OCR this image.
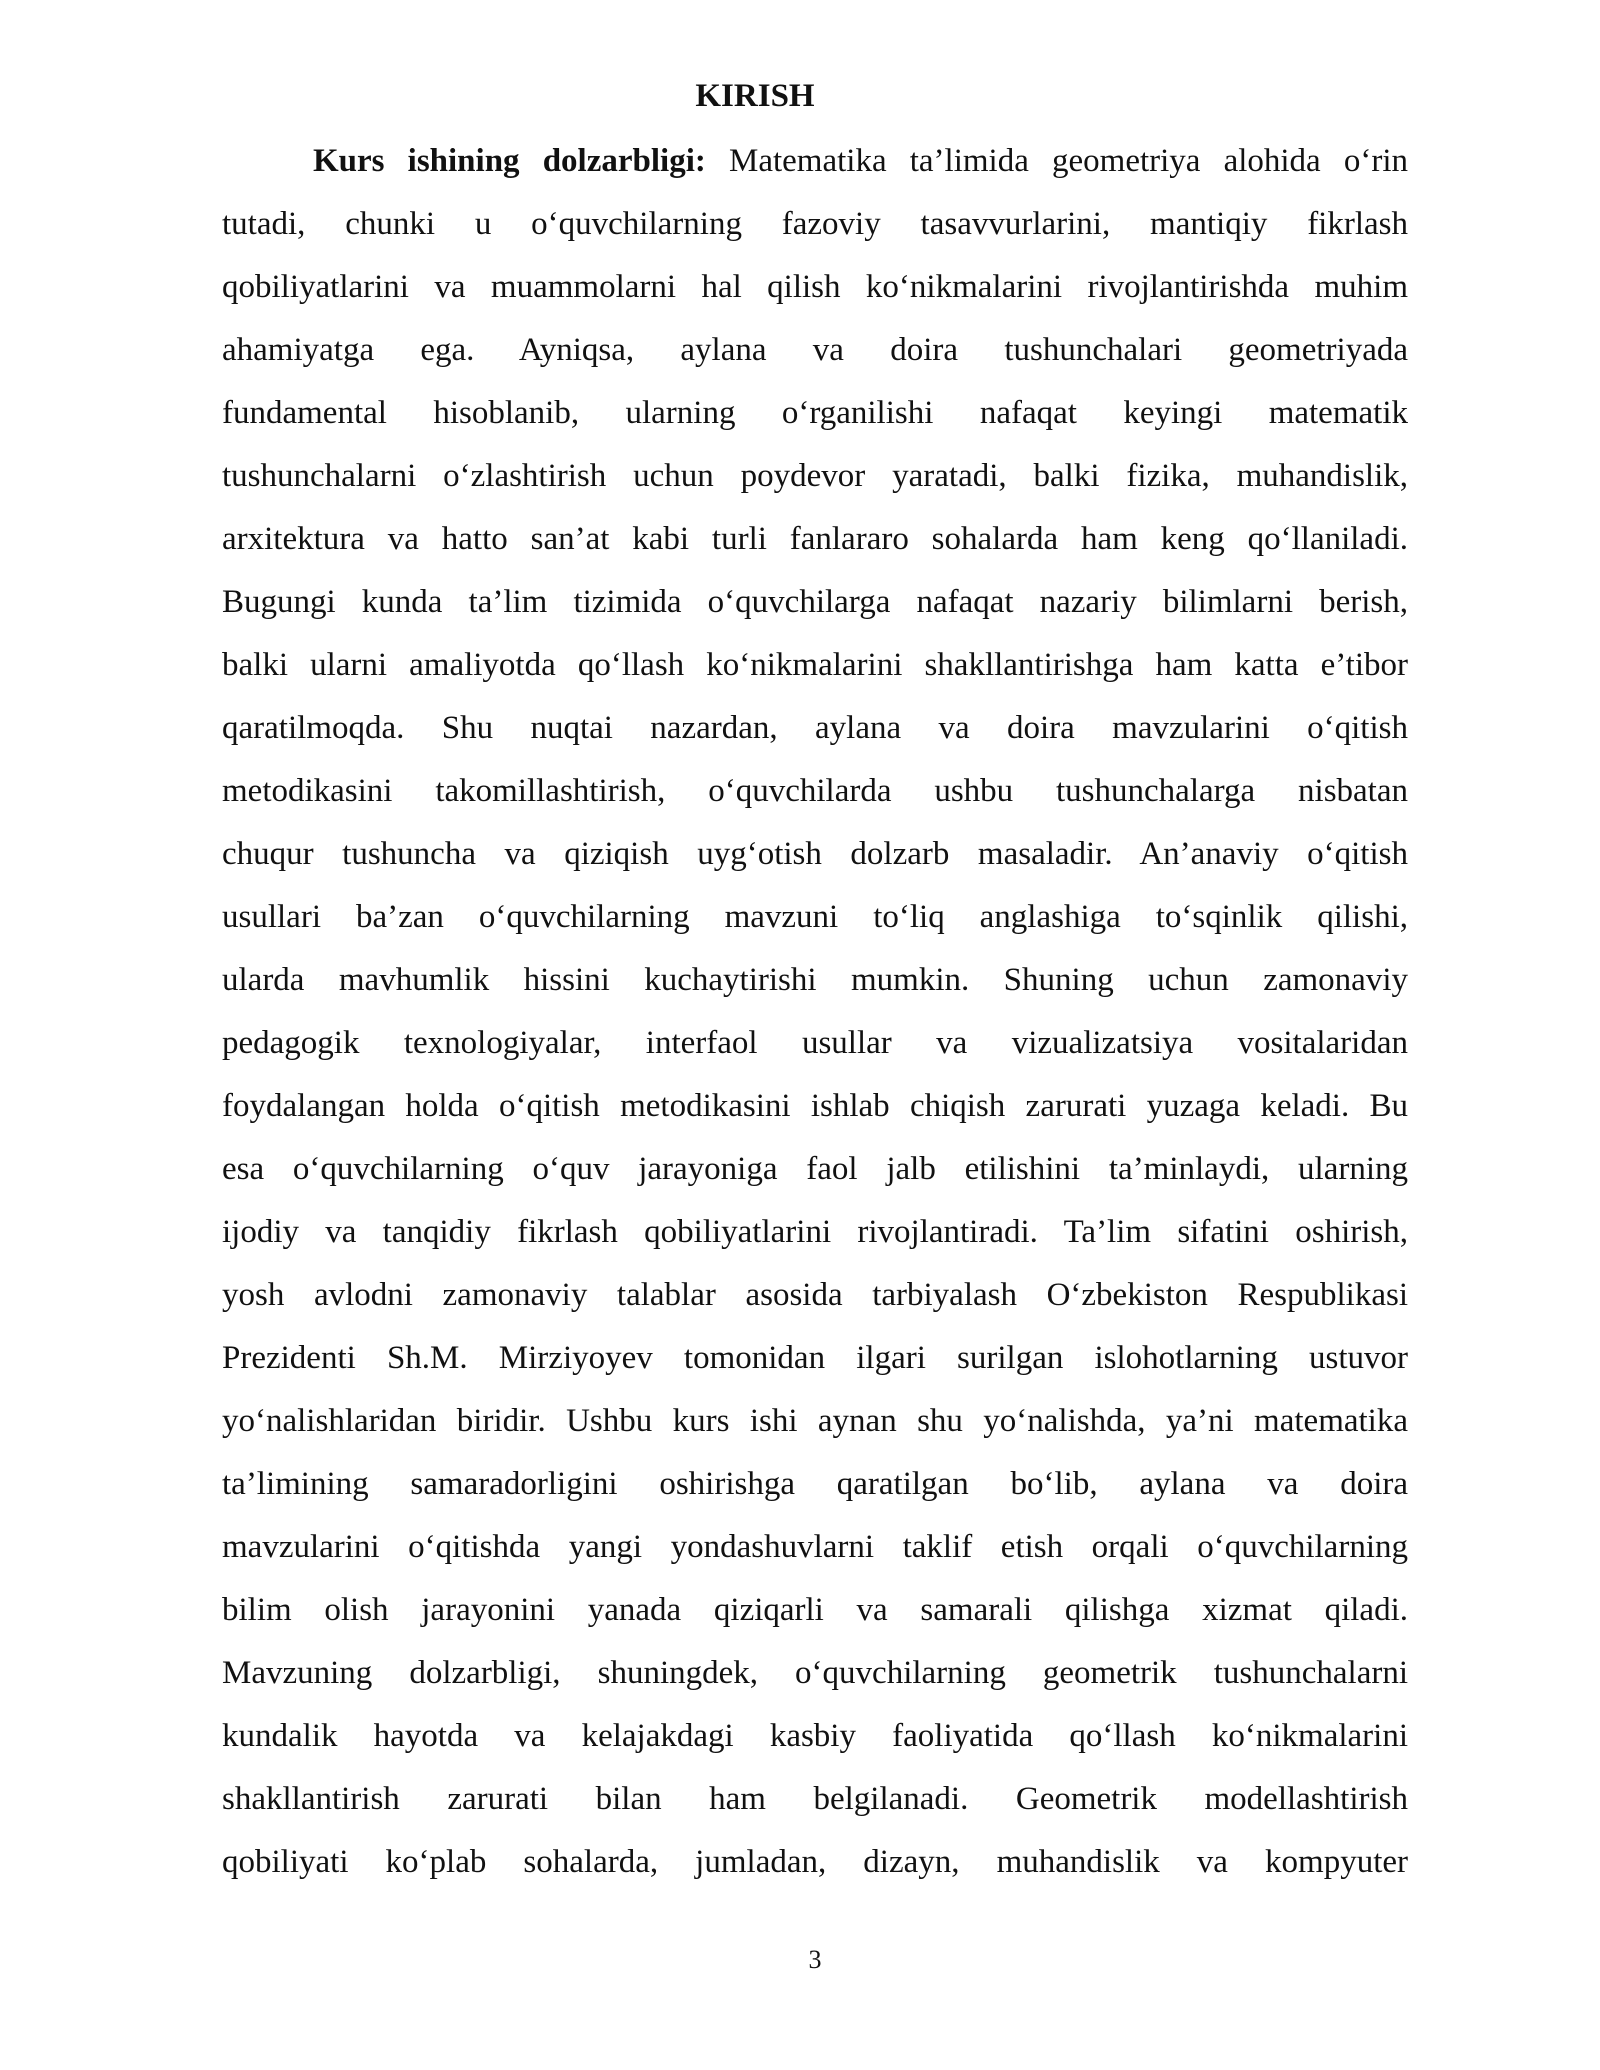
KIRISH
Kurs ishining dolzarbligi: Matematika ta’limida geometriya alohida o‘rin
tutadi, chunki u o‘quvchilarning fazoviy tasavvurlarini, mantiqiy fikrlash
qobiliyatlarini va muammolarni hal qilish ko‘nikmalarini rivojlantirishda muhim
ahamiyatga ega. Ayniqsa, aylana va doira tushunchalari geometriyada
fundamental hisoblanib, ularning o‘rganilishi nafaqat keyingi matematik
tushunchalarni o‘zlashtirish uchun poydevor yaratadi, balki fizika, muhandislik,
arxitektura va hatto san’at kabi turli fanlararo sohalarda ham keng qo‘llaniladi.
Bugungi kunda ta’lim tizimida o‘quvchilarga nafaqat nazariy bilimlarni berish,
balki ularni amaliyotda qo‘llash ko‘nikmalarini shakllantirishga ham katta e’tibor
qaratilmoqda. Shu nuqtai nazardan, aylana va doira mavzularini o‘qitish
metodikasini takomillashtirish, o‘quvchilarda ushbu tushunchalarga nisbatan
chuqur tushuncha va qiziqish uyg‘otish dolzarb masaladir. An’anaviy o‘qitish
usullari ba’zan o‘quvchilarning mavzuni to‘liq anglashiga to‘sqinlik qilishi,
ularda mavhumlik hissini kuchaytirishi mumkin. Shuning uchun zamonaviy
pedagogik texnologiyalar, interfaol usullar va vizualizatsiya vositalaridan
foydalangan holda o‘qitish metodikasini ishlab chiqish zarurati yuzaga keladi. Bu
esa o‘quvchilarning o‘quv jarayoniga faol jalb etilishini ta’minlaydi, ularning
ijodiy va tanqidiy fikrlash qobiliyatlarini rivojlantiradi. Ta’lim sifatini oshirish,
yosh avlodni zamonaviy talablar asosida tarbiyalash O‘zbekiston Respublikasi
Prezidenti Sh.M. Mirziyoyev tomonidan ilgari surilgan islohotlarning ustuvor
yo‘nalishlaridan biridir. Ushbu kurs ishi aynan shu yo‘nalishda, ya’ni matematika
ta’limining samaradorligini oshirishga qaratilgan bo‘lib, aylana va doira
mavzularini o‘qitishda yangi yondashuvlarni taklif etish orqali o‘quvchilarning
bilim olish jarayonini yanada qiziqarli va samarali qilishga xizmat qiladi.
Mavzuning dolzarbligi, shuningdek, o‘quvchilarning geometrik tushunchalarni
kundalik hayotda va kelajakdagi kasbiy faoliyatida qo‘llash ko‘nikmalarini
shakllantirish zarurati bilan ham belgilanadi. Geometrik modellashtirish
qobiliyati ko‘plab sohalarda, jumladan, dizayn, muhandislik va kompyuter
3
